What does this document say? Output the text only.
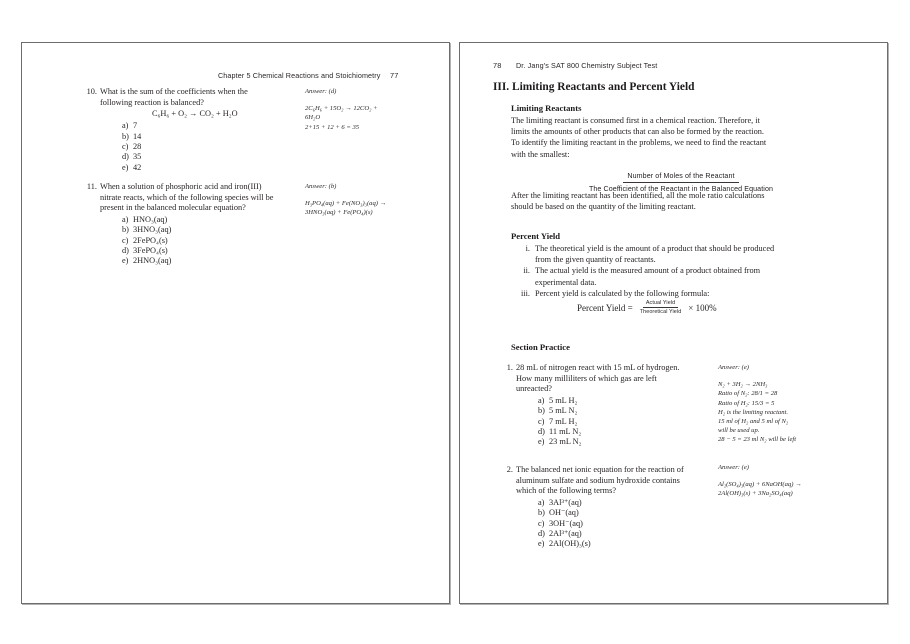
Chapter 5 Chemical Reactions and Stoichiometry 77
10. What is the sum of the coefficients when the
following reaction is balanced?
C₆H₆ + O₂ → CO₂ + H₂O
a) 7
b) 14
c) 28
d) 35
e) 42
Answer: (d)
2C₆H₆ + 15O₂ → 12CO₂ +
6H₂O
2+15 + 12 + 6 = 35
11. When a solution of phosphoric acid and iron(III)
nitrate reacts, which of the following species will be
present in the balanced molecular equation?
a) HNO₃(aq)
b) 3HNO₃(aq)
c) 2FePO₄(s)
d) 3FePO₄(s)
e) 2HNO₃(aq)
Answer: (b)
H₃PO₄(aq) + Fe(NO₃)₃(aq) →
3HNO₃(aq) + Fe(PO₄)(s)
78 Dr. Jang's SAT 800 Chemistry Subject Test
III. Limiting Reactants and Percent Yield
Limiting Reactants
The limiting reactant is consumed first in a chemical reaction. Therefore, it
limits the amounts of other products that can also be formed by the reaction.
To identify the limiting reactant in the problems, we need to find the reactant
with the smallest:
Number of Moles of the Reactant
The Coefficient of the Reactant in the Balanced Equation
After the limiting reactant has been identified, all the mole ratio calculations
should be based on the quantity of the limiting reactant.
Percent Yield
i. The theoretical yield is the amount of a product that should be produced
from the given quantity of reactants.
ii. The actual yield is the measured amount of a product obtained from
experimental data.
iii. Percent yield is calculated by the following formula:
Percent Yield = $\frac{\text{Actual Yield}}{\text{Theoretical Yield}} \times 100\%$
Section Practice
1. 28 mL of nitrogen react with 15 mL of hydrogen.
How many milliliters of which gas are left
unreacted?
a) 5 mL H₂
b) 5 mL N₂
c) 7 mL H₂
d) 11 mL N₂
e) 23 mL N₂
Answer: (e)
N₂ + 3H₂ → 2NH₃
Ratio of N₂: 28/1 = 28
Ratio of H₂: 15/3 = 5
H₂ is the limiting reactant.
15 ml of H₂ and 5 ml of N₂
will be used up.
28 − 5 = 23 ml N₂ will be left
2. The balanced net ionic equation for the reaction of
aluminum sulfate and sodium hydroxide contains
which of the following terms?
a) 3Al³⁺(aq)
b) OH⁻(aq)
c) 3OH⁻(aq)
d) 2Al³⁺(aq)
e) 2Al(OH)₃(s)
Answer: (e)
Al₂(SO₄)₃(aq) + 6NaOH(aq) →
2Al(OH)₃(s) + 3Na₂SO₄(aq)
